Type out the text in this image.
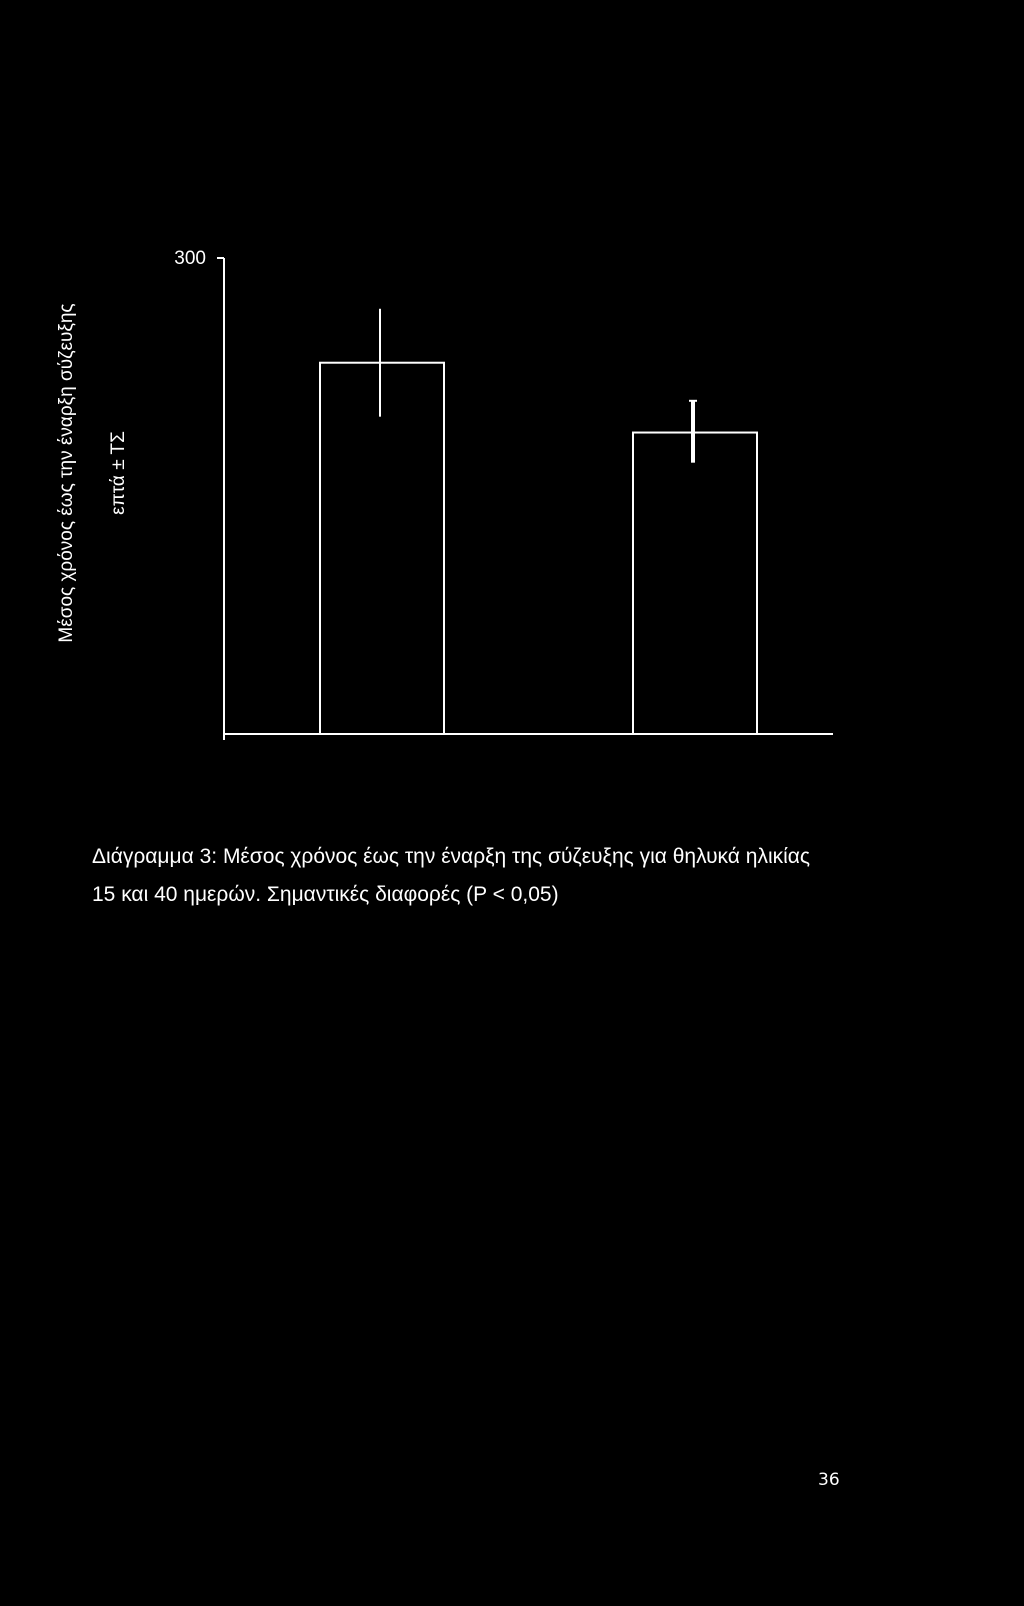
300
Μέσος χρόνος έως την έναρξη σύζευξης επτά ± ΤΣ
Διάγραμμα 3: Μέσος χρόνος έως την έναρξη της σύζευξης για θηλυκά ηλικίας
15 και 40 ημερών. Σημαντικές διαφορές (P < 0,05)
36
